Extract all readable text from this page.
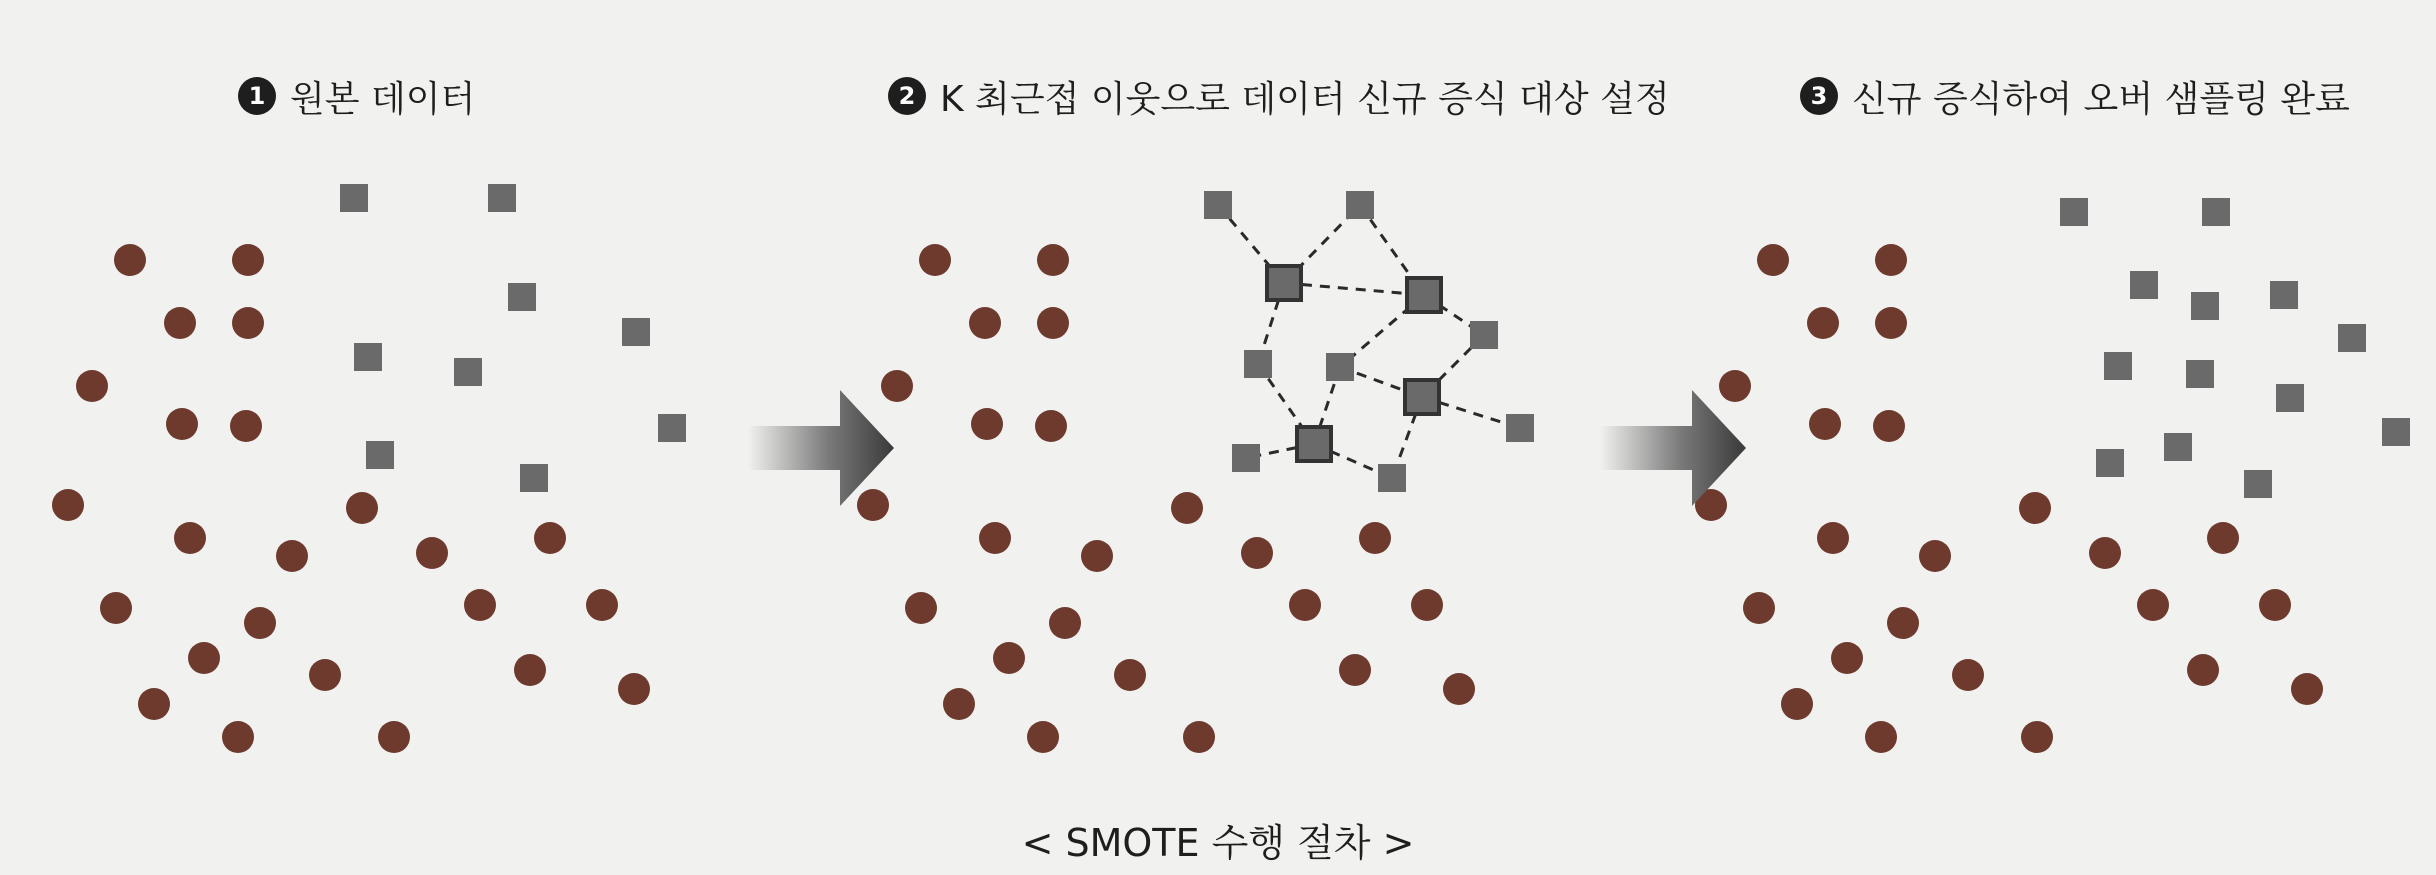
1 원본 데이터	2 K 최근접 이웃으로 데이터 신규 증식 대상 설정	3 신규 증식하여 오버 샘플링 완료
< SMOTE 수행 절차 >
